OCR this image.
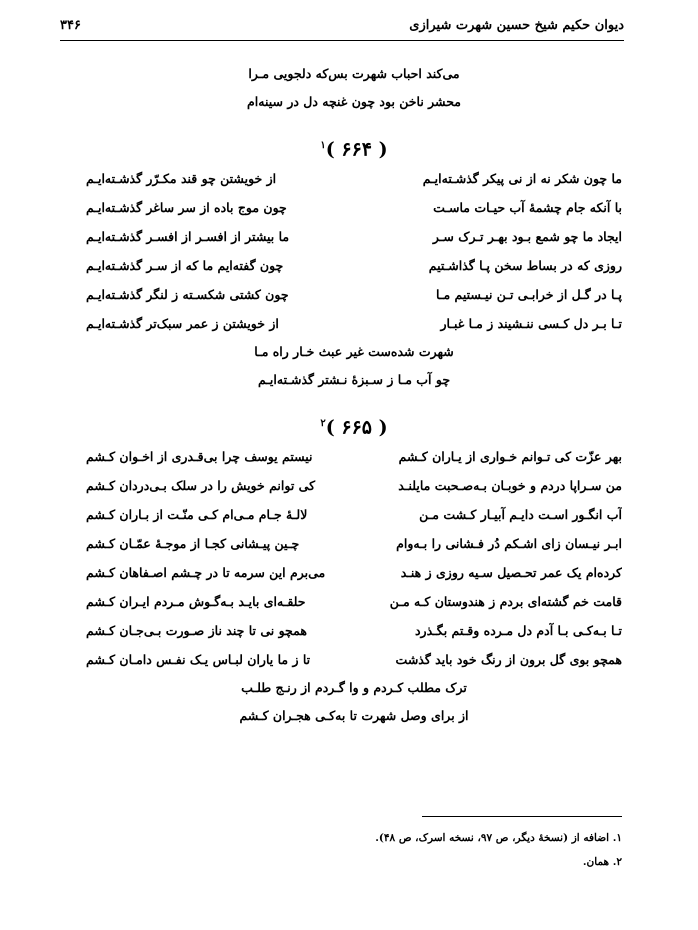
دیوان حکیم شیخ حسین شهرت شیرازی
۳۴۶
می‌کند احباب شهرت بس‌که دلجویی مـرا
محشر ناخن بود چون غنچه دل در سینه‌ام
( ۶۶۴ )$^۱$
ما چون شکر نه از نی پیکر گذشـته‌ایـم
از خویشتن چو قند مکـرّر گذشـته‌ایـم
با آنکه جام چشمهٔ آب حیـات ماسـت
چون موج باده از سر ساغر گذشـته‌ایـم
ایجاد ما چو شمع بـود بهـر تـرک سـر
ما بیشتر از افسـر از افسـر گذشـته‌ایـم
روزی که در بساط سخن پـا گذاشـتیم
چون گفته‌ایم ما که از سـر گذشـته‌ایـم
پـا در گـل از خرابـی تـن نیـستیم مـا
چون کشتی شکسـته ز لنگر گذشـته‌ایـم
تـا بـر دل کـسی ننـشیند ز مـا غبـار
از خویشتن ز عمر سبک‌تر گذشـته‌ایـم
شهرت شده‌ست غیر عبث خـار راه مـا
چو آب مـا ز سـبزهٔ نـشتر گذشـته‌ایـم
( ۶۶۵ )$^۲$
بهر عزّت کی تـوانم خـواری از یـاران کـشم
نیستم یوسف چرا بی‌قـدری از اخـوان کـشم
من سـراپا دردم و خوبـان بـه‌صـحبت مایلنـد
کی توانم خویش را در سلک بـی‌دردان کـشم
آب انگـور اسـت دایـم آبیـار کـشت مـن
لالـهٔ جـام مـی‌ام کـی منّـت از بـاران کـشم
ابـر نیـسان زای اشـکم دُر فـشانی را بـه‌وام
چـین پیـشانی کجـا از موجـهٔ عمّـان کـشم
کرده‌ام یک عمر تحـصیل سـیه روزی ز هنـد
می‌برم این سرمه تا در چـشم اصـفاهان کـشم
قامت خم گشته‌ای بردم ز هندوستان کـه مـن
حلقـه‌ای بایـد بـه‌گـوش مـردم ایـران کـشم
تـا بـه‌کـی بـا آدم دل مـرده وقـتم بگـذرد
همچو نی تا چند ناز صـورت بـی‌جـان کـشم
همچو بوی گل برون از رنگ خود باید گذشت
تا ز ما یاران لبـاس یـک نفـس دامـان کـشم
ترک مطلب کـردم و وا گـردم از رنـج طلـب
از برای وصل شهرت تا به‌کـی هجـران کـشم
۱. اضافه از (نسخهٔ دیگر، ص ۹۷، نسخه اسرک، ص ۴۸).
۲. همان.
